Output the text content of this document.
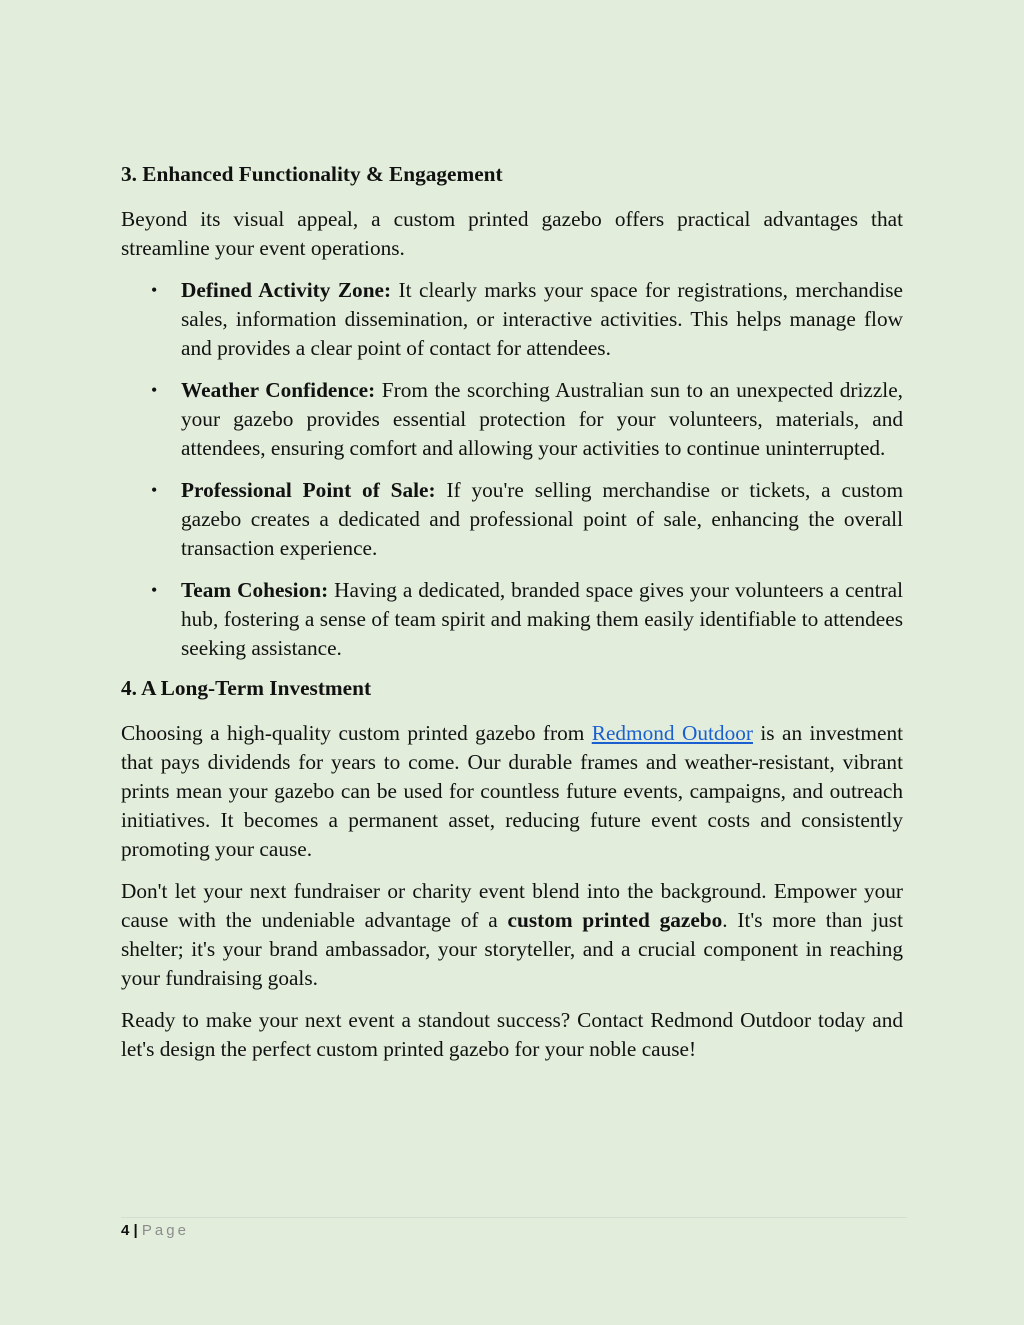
3. Enhanced Functionality & Engagement

Beyond its visual appeal, a custom printed gazebo offers practical advantages that streamline your event operations.

• Defined Activity Zone: It clearly marks your space for registrations, merchandise sales, information dissemination, or interactive activities. This helps manage flow and provides a clear point of contact for attendees.
• Weather Confidence: From the scorching Australian sun to an unexpected drizzle, your gazebo provides essential protection for your volunteers, materials, and attendees, ensuring comfort and allowing your activities to continue uninterrupted.
• Professional Point of Sale: If you're selling merchandise or tickets, a custom gazebo creates a dedicated and professional point of sale, enhancing the overall transaction experience.
• Team Cohesion: Having a dedicated, branded space gives your volunteers a central hub, fostering a sense of team spirit and making them easily identifiable to attendees seeking assistance.
4. A Long-Term Investment

Choosing a high-quality custom printed gazebo from Redmond Outdoor is an investment that pays dividends for years to come. Our durable frames and weather-resistant, vibrant prints mean your gazebo can be used for countless future events, campaigns, and outreach initiatives. It becomes a permanent asset, reducing future event costs and consistently promoting your cause.

Don't let your next fundraiser or charity event blend into the background. Empower your cause with the undeniable advantage of a custom printed gazebo. It's more than just shelter; it's your brand ambassador, your storyteller, and a crucial component in reaching your fundraising goals.

Ready to make your next event a standout success? Contact Redmond Outdoor today and let's design the perfect custom printed gazebo for your noble cause!

4 | Page
